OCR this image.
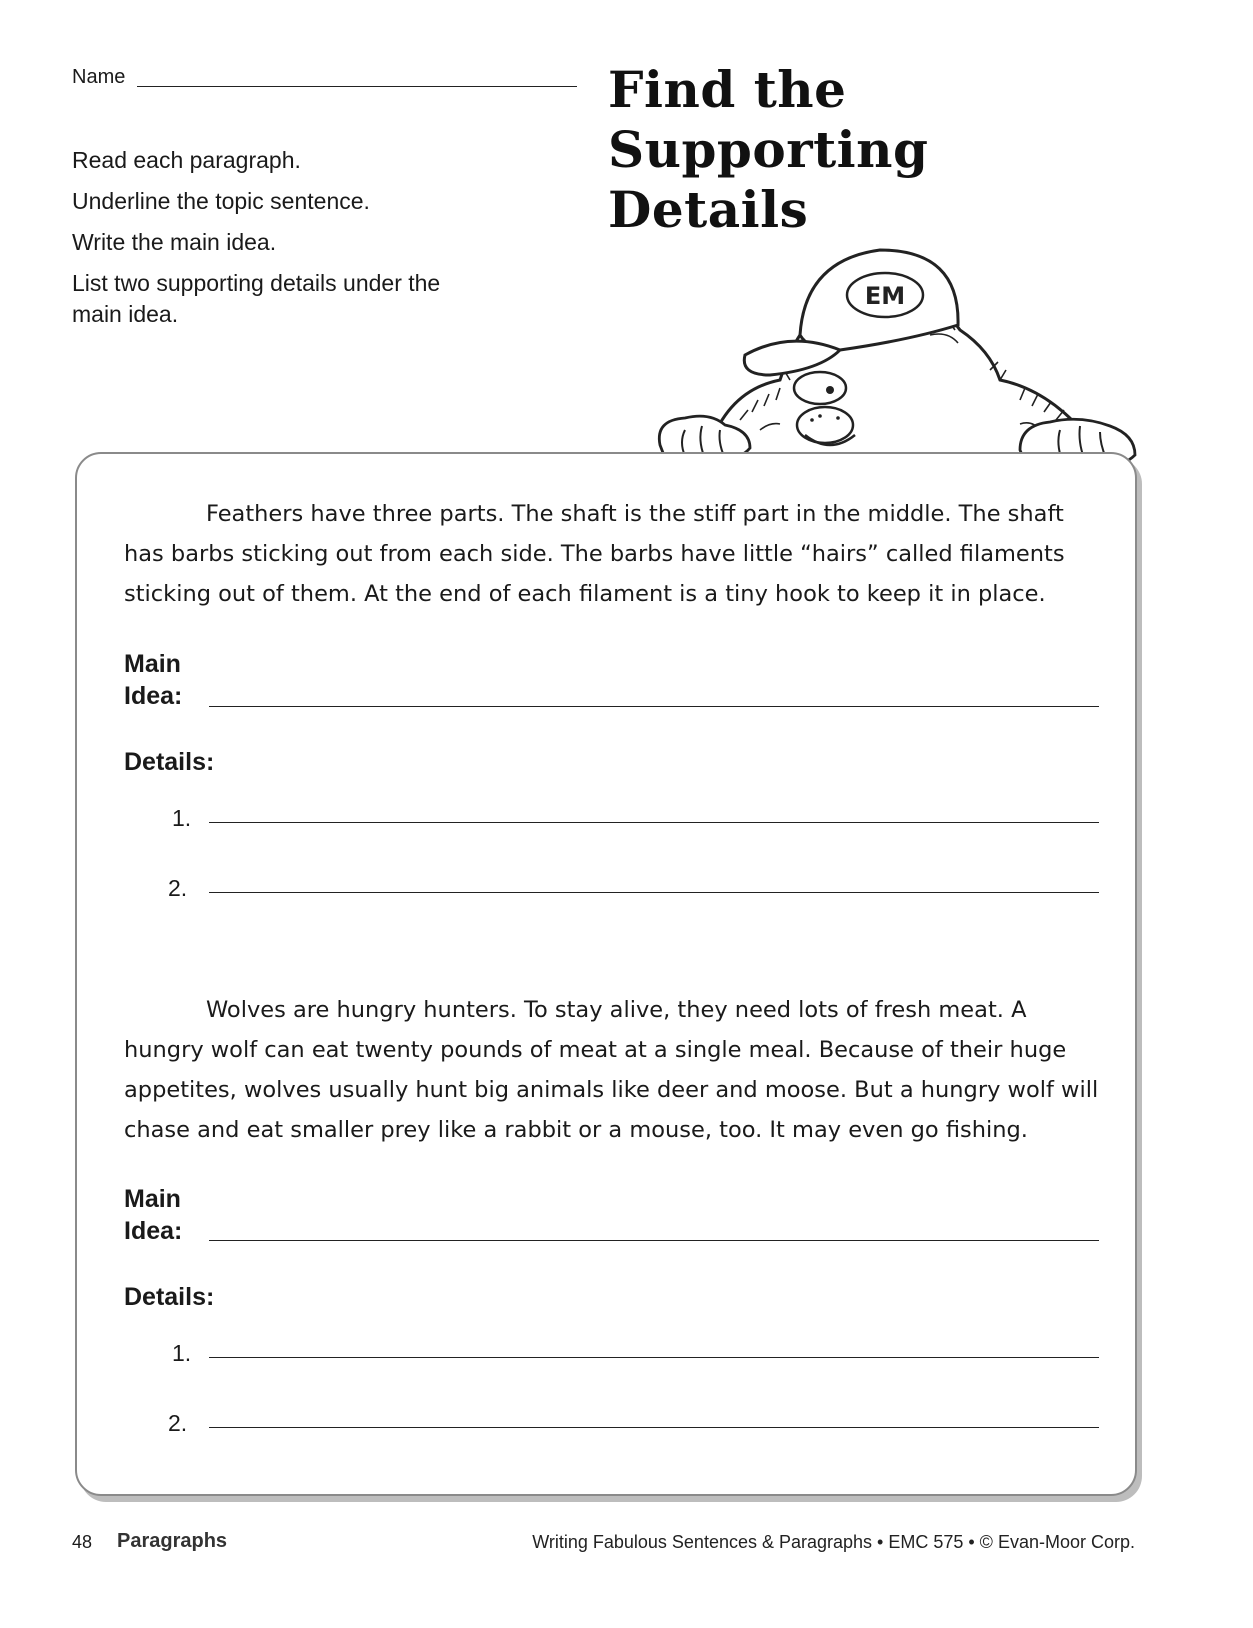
Name

Read each paragraph.

Underline the topic sentence.

Write the main idea.

List two supporting details under the main idea.

Find the
Supporting
Details
EM

Feathers have three parts. The shaft is the stiff part in the middle. The shaft has barbs sticking out from each side. The barbs have little “hairs” called filaments sticking out of them. At the end of each filament is a tiny hook to keep it in place.

Main
Idea:
Details:
1.
2.

Wolves are hungry hunters. To stay alive, they need lots of fresh meat. A hungry wolf can eat twenty pounds of meat at a single meal. Because of their huge appetites, wolves usually hunt big animals like deer and moose. But a hungry wolf will chase and eat smaller prey like a rabbit or a mouse, too. It may even go fishing.

Main
Idea:
Details:
1.
2.
48 Paragraphs	Writing Fabulous Sentences & Paragraphs • EMC 575 • © Evan-Moor Corp.
